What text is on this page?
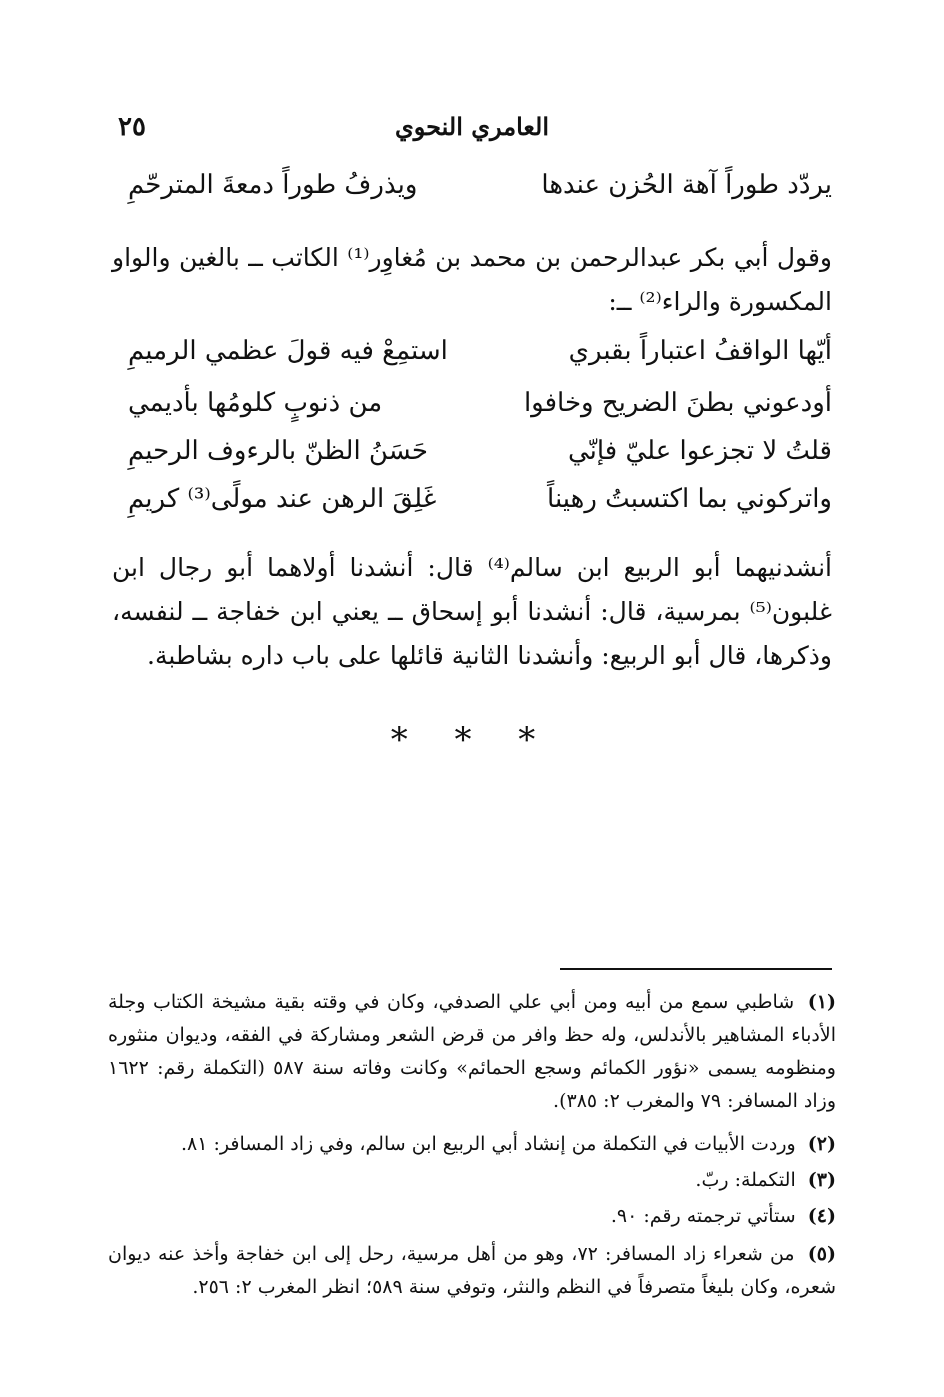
العامري النحوي
٢٥
يردّد طوراً آهة الحُزن عندها
ويذرفُ طوراً دمعةَ المترحّمِ
وقول أبي بكر عبدالرحمن بن محمد بن مُغاوِر⁽¹⁾ الكاتب ــ بالغين والواو المكسورة والراء⁽²⁾ ــ:
أيّها الواقفُ اعتباراً بقبري
استمِعْ فيه قولَ عظمي الرميمِ
أودعوني بطنَ الضريح وخافوا
من ذنوبٍ كلومُها بأديمي
قلتُ لا تجزعوا عليّ فإنّي
حَسَنُ الظنّ بالرءوف الرحيمِ
واتركوني بما اكتسبتُ رهيناً
غَلِقَ الرهن عند مولًى⁽³⁾ كريمِ
أنشدنيهما أبو الربيع ابن سالم⁽⁴⁾ قال: أنشدنا أولاهما أبو رجال ابن غلبون⁽⁵⁾ بمرسية، قال: أنشدنا أبو إسحاق ــ يعني ابن خفاجة ــ لنفسه، وذكرها، قال أبو الربيع: وأنشدنا الثانية قائلها على باب داره بشاطبة.
* * *
(١) شاطبي سمع من أبيه ومن أبي علي الصدفي، وكان في وقته بقية مشيخة الكتاب وجلة الأدباء المشاهير بالأندلس، وله حظ وافر من قرض الشعر ومشاركة في الفقه، وديوان منثوره ومنظومه يسمى «نؤور الكمائم وسجع الحمائم» وكانت وفاته سنة ٥٨٧ (التكملة رقم: ١٦٢٢ وزاد المسافر: ٧٩ والمغرب ٢: ٣٨٥).
(٢) وردت الأبيات في التكملة من إنشاد أبي الربيع ابن سالم، وفي زاد المسافر: ٨١.
(٣) التكملة: ربّ.
(٤) ستأتي ترجمته رقم: ٩٠.
(٥) من شعراء زاد المسافر: ٧٢، وهو من أهل مرسية، رحل إلى ابن خفاجة وأخذ عنه ديوان شعره، وكان بليغاً متصرفاً في النظم والنثر، وتوفي سنة ٥٨٩؛ انظر المغرب ٢: ٢٥٦.
